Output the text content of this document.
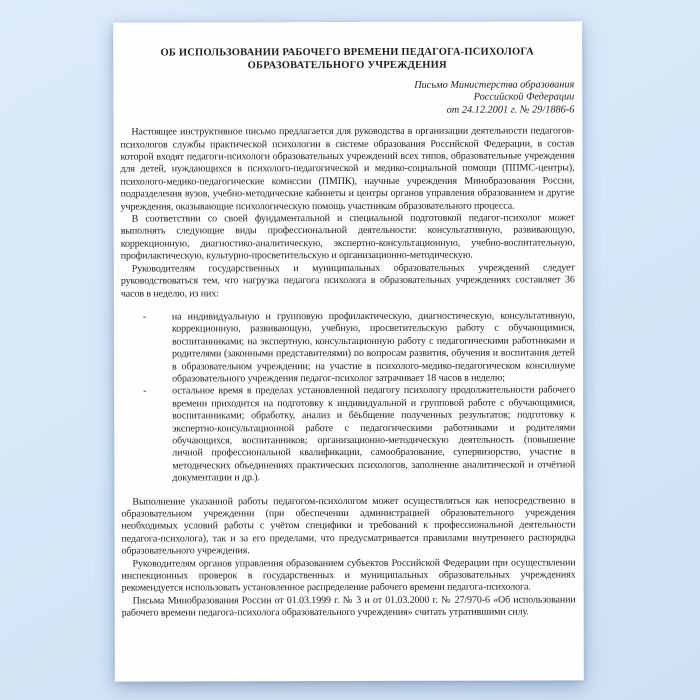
ОБ ИСПОЛЬЗОВАНИИ РАБОЧЕГО ВРЕМЕНИ ПЕДАГОГА-ПСИХОЛОГА
ОБРАЗОВАТЕЛЬНОГО УЧРЕЖДЕНИЯ
Письмо Министерства образования
Российской Федерации
от 24.12.2001 г. № 29/1886-6

Настоящее инструктивное письмо предлагается для руководства в организации деятельности педагогов-психологов службы практической психологии в системе образования Российской Федерации, в состав которой входят педагоги-психологи образовательных учреждений всех типов, образовательные учреждения для детей, нуждающихся в психолого-педагогической и медико-социальной помощи (ППМС-центры), психолого-медико-педагогические комиссии (ПМПК), научные учреждения Минобразования России, подразделения вузов, учебно-методические кабинеты и центры органов управления образованием и другие учреждения, оказывающие психологическую помощь участникам образовательного процесса.

В соответствии со своей фундаментальной и специальной подготовкой педагог-психолог может выполнять следующие виды профессиональной деятельности: консультативную, развивающую, коррекционную, диагностико-аналитическую, экспертно-консультационную, учебно-воспитательную, профилактическую, культурно-просветительскую и организационно-методическую.

Руководителям государственных и муниципальных образовательных учреждений следует руководствоваться тем, что нагрузка педагога психолога в образовательных учреждениях составляет 36 часов в неделю, из них:

-	на индивидуальную и групповую профилактическую, диагностическую, консультативную, коррекционную, развивающую, учебную, просветительскую работу с обучающимися, воспитанниками; на экспертную, консультационную работу с педагогическими работниками и родителями (законными представителями) по вопросам развития, обучения и воспитания детей в образовательном учреждении; на участие в психолого-медико-педагогическом консилиуме образовательного учреждения педагог-психолог затрачивает 18 часов в неделю;
-	остальное время в пределах установленной педагогу психологу продолжительности рабочего времени приходится на подготовку к индивидуальной и групповой работе с обучающимися, воспитанниками; обработку, анализ и бёьбщение полученных результатов; подготовку к экспертно-консультационной работе с педагогическими работниками и родителями обучающихся, воспитанников; организационно-методическую деятельность (повышение личной профессиональной квалификации, самообразование, супервизорство, участие в методических объединениях практических психологов, заполнение аналитической и отчётной документации и др.).

Выполнение указанной работы педагогом-психологом может осуществляться как непосредственно в образовательном учреждении (при обеспечении администрацией образовательного учреждения необходимых условий работы с учётом специфики и требований к профессиональной деятельности педагога-психолога), так и за его пределами, что предусматривается правилами внутреннего распорядка образовательного учреждения.

Руководителям органов управления образованием субъектов Российской Федерации при осуществлении инспекционных проверок в государственных и муниципальных образовательных учреждениях рекомендуется использовать установленное распределение рабочего времени педагога-психолога.

Письма Минобразования России от 01.03.1999 г. № 3 и от 01.03.2000 г. № 27/970-6 «Об использовании рабочего времени педагога-психолога образовательного учреждения» считать утратившими силу.
